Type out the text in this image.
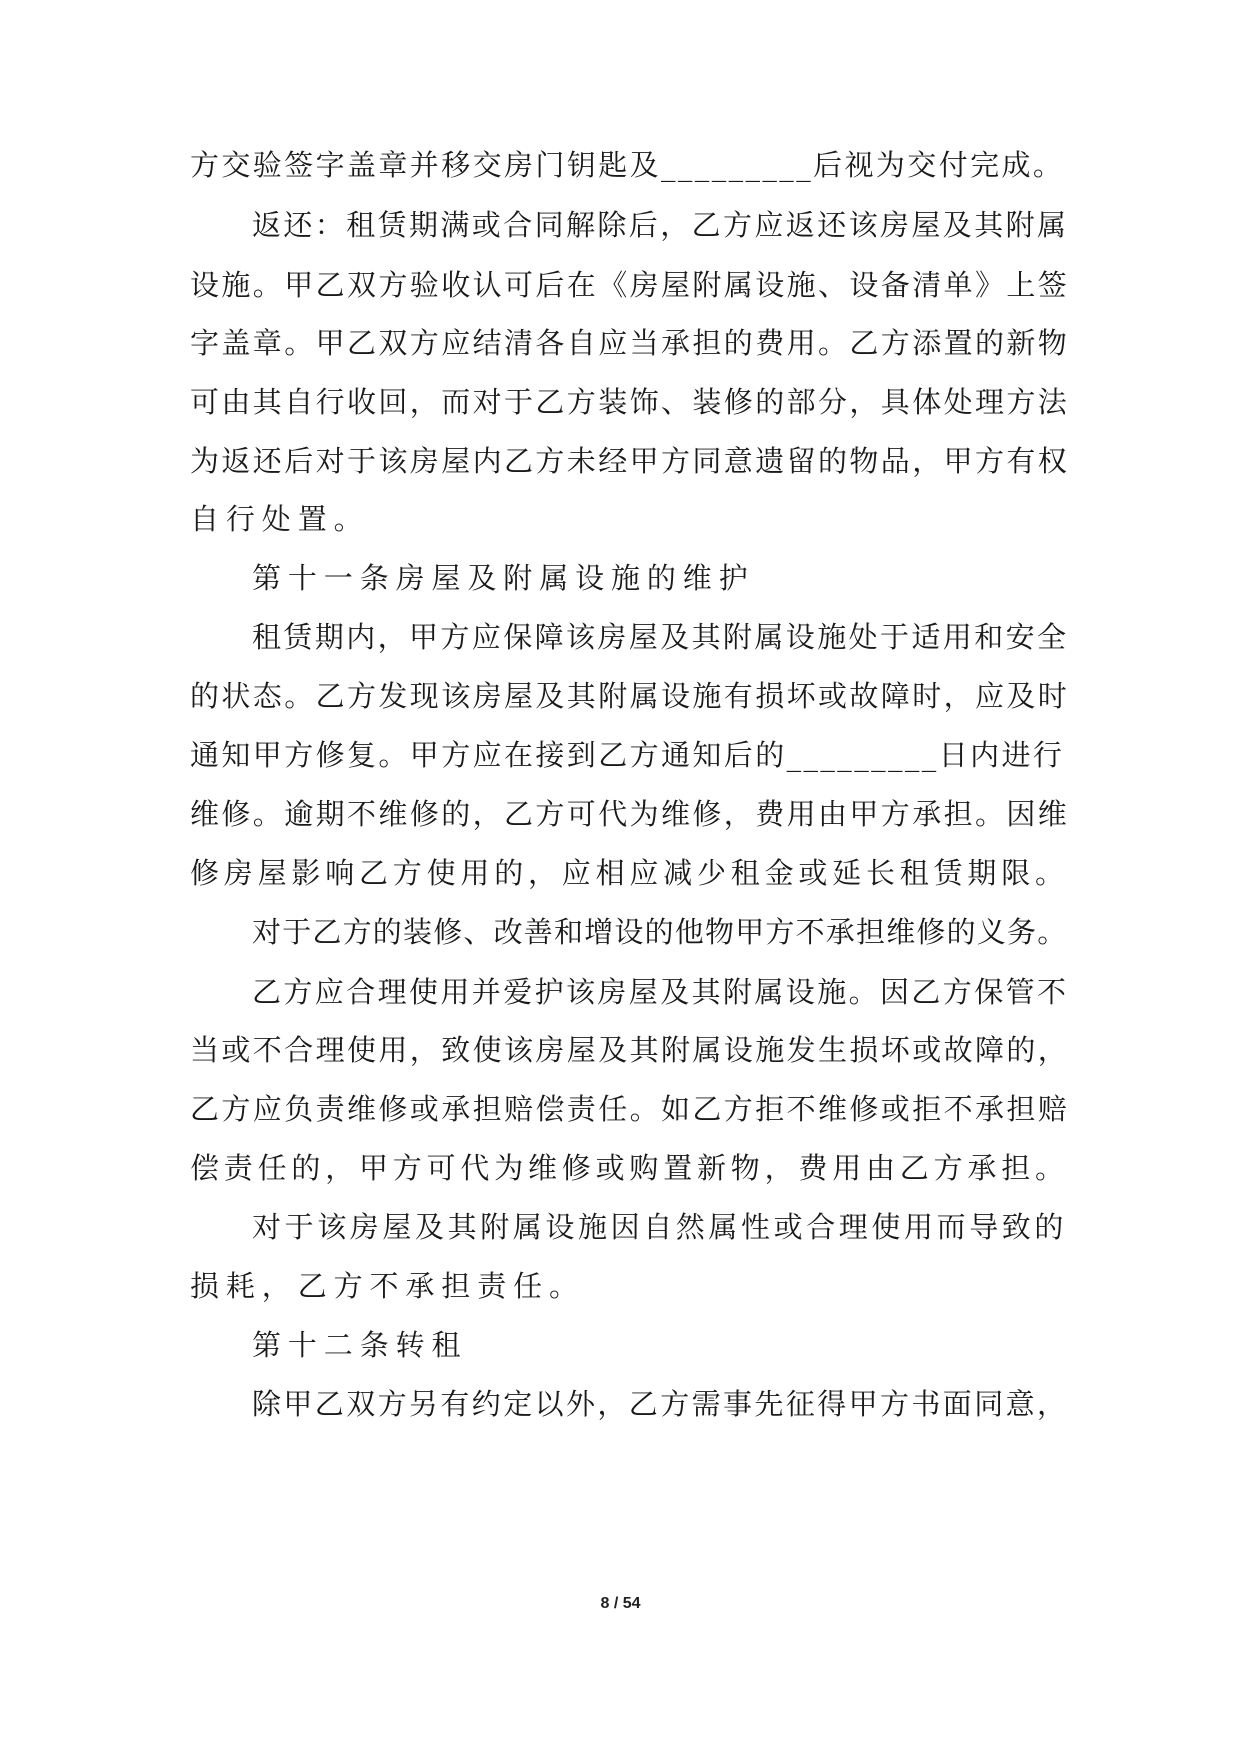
方交验签字盖章并移交房门钥匙及_________后视为交付完成。
返还：租赁期满或合同解除后，乙方应返还该房屋及其附属
设施。甲乙双方验收认可后在《房屋附属设施、设备清单》上签
字盖章。甲乙双方应结清各自应当承担的费用。乙方添置的新物
可由其自行收回，而对于乙方装饰、装修的部分，具体处理方法
为返还后对于该房屋内乙方未经甲方同意遗留的物品，甲方有权
自行处置。
第十一条房屋及附属设施的维护
租赁期内，甲方应保障该房屋及其附属设施处于适用和安全
的状态。乙方发现该房屋及其附属设施有损坏或故障时，应及时
通知甲方修复。甲方应在接到乙方通知后的_________日内进行
维修。逾期不维修的，乙方可代为维修，费用由甲方承担。因维
修房屋影响乙方使用的，应相应减少租金或延长租赁期限。
对于乙方的装修、改善和增设的他物甲方不承担维修的义务。
乙方应合理使用并爱护该房屋及其附属设施。因乙方保管不
当或不合理使用，致使该房屋及其附属设施发生损坏或故障的，
乙方应负责维修或承担赔偿责任。如乙方拒不维修或拒不承担赔
偿责任的，甲方可代为维修或购置新物，费用由乙方承担。
对于该房屋及其附属设施因自然属性或合理使用而导致的
损耗，乙方不承担责任。
第十二条转租
除甲乙双方另有约定以外，乙方需事先征得甲方书面同意，
8 / 54
